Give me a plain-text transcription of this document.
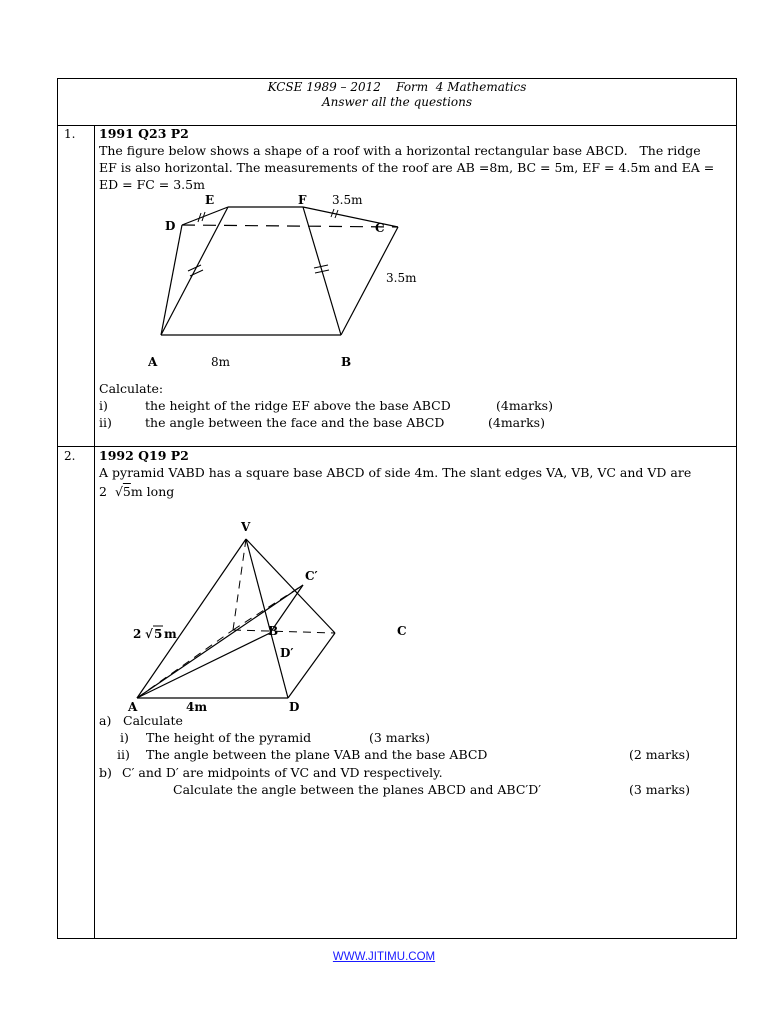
KCSE 1989 – 2012    Form  4 Mathematics
Answer all the questions
1. 1991 Q23 P2
The figure below shows a shape of a roof with a horizontal rectangular base ABCD.   The ridge
EF is also horizontal. The measurements of the roof are AB =8m, BC = 5m, EF = 4.5m and EA =
ED = FC = 3.5m
E	F 3.5m
D	C
3.5m
A	8m	B
Calculate:
i)	the height of the ridge EF above the base ABCD	(4marks)
ii)	the angle between the face and the base ABCD	(4marks)
2. 1992 Q19 P2
A pyramid VABD has a square base ABCD of side 4m. The slant edges VA, VB, VC and VD are
2 √5m long
V
C′
B	C
D′
A	4m	D
2 √ 5 m
a) Calculate
i) The height of the pyramid	(3 marks)
ii) The angle between the plane VAB and the base ABCD	(2 marks)
b) C′ and D′ are midpoints of VC and VD respectively.
Calculate the angle between the planes ABCD and ABC′D′	(3 marks)
WWW.JITIMU.COM
